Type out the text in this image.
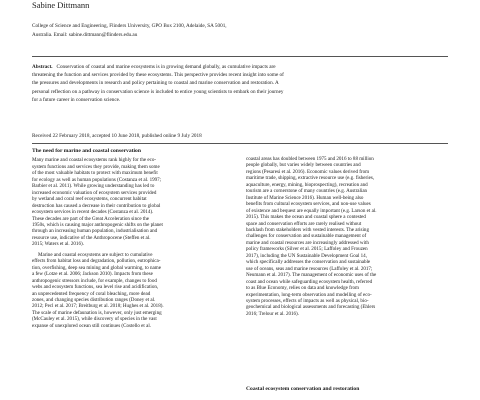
Sabine Dittmann
College of Science and Engineering, Flinders University, GPO Box 2100, Adelaide, SA 5001,
Australia. Email: sabine.dittmann@flinders.edu.au
Abstract. Conservation of coastal and marine ecosystems is in growing demand globally, as cumulative impacts are
threatening the function and services provided by these ecosystems. This perspective provides recent insight into some of
the pressures and developments in research and policy pertaining to coastal and marine conservation and restoration. A
personal reflection on a pathway in conservation science is included to entice young scientists to embark on their journey
for a future career in conservation science.
Received 22 February 2018, accepted 10 June 2018, published online 9 July 2018
The need for marine and coastal conservation
Many marine and coastal ecosystems rank highly for the eco-
system functions and services they provide, making them some
of the most valuable habitats to protect with maximum benefit
for ecology as well as human populations (Costanza et al. 1997;
Barbier et al. 2011). While growing understanding has led to
increased economic valuation of ecosystem services provided
by wetland and coral reef ecosystems, concurrent habitat
destruction has caused a decrease in their contribution to global
ecosystem services in recent decades (Costanza et al. 2014).
These decades are part of the Great Acceleration since the
1950s, which is causing major anthropogenic shifts on the planet
through an increasing human population, industrialisation and
resource use, indicative of the Anthropocene (Steffen et al.
2015; Waters et al. 2016).
Marine and coastal ecosystems are subject to cumulative
effects from habitat loss and degradation, pollution, eutrophica-
tion, overfishing, deep sea mining and global warming, to name
a few (Lotze et al. 2006; Jackson 2010). Impacts from these
anthropogenic stressors include, for example, changes to food
webs and ecosystem functions, sea level rise and acidification,
an unprecedented frequency of coral bleaching, more dead
zones, and changing species distribution ranges (Doney et al.
2012; Pecl et al. 2017; Breitburg et al. 2018; Hughes et al. 2018).
The scale of marine defaunation is, however, only just emerging
(McCauley et al. 2015), while discovery of species in the vast
expanse of unexplored ocean still continues (Costello et al.
coastal areas has doubled between 1975 and 2016 to 88 million
people globally, but varies widely between countries and
regions (Pesaresi et al. 2016). Economic values derived from
maritime trade, shipping, extractive resource use (e.g. fisheries,
aquaculture, energy, mining, bioprospecting), recreation and
tourism are a cornerstone of many countries (e.g. Australian
Institute of Marine Science 2016). Human well-being also
benefits from cultural ecosystem services, and non-use values
of existence and bequest are equally important (e.g. Larson et al.
2015). This makes the ocean and coastal sphere a contested
space and conservation efforts are rarely realised without
backlash from stakeholders with vested interests. The arising
challenges for conservation and sustainable management of
marine and coastal resources are increasingly addressed with
policy frameworks (Silver et al. 2015; Laffoley and Frouzen
2017), including the UN Sustainable Development Goal 14,
which specifically addresses the conservation and sustainable
use of oceans, seas and marine resources (Laffoley et al. 2017;
Neumann et al. 2017). The management of economic uses of the
coast and ocean while safeguarding ecosystem health, referred
to as Blue Economy, relies on data and knowledge from
experimentation, long-term observation and modelling of eco-
system processes, effects of impacts as well as physical, bio-
geochemical and biological assessments and forecasting (Ehlers
2016; Trelour et al. 2016).
Coastal ecosystem conservation and restoration
